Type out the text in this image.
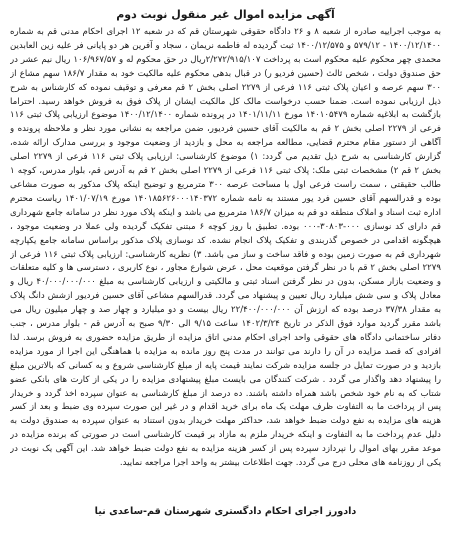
آگهی مزایده اموال غیر منقول نوبت دوم

به موجب اجراییه صادره از شعبه ۸ و ۲۶ دادگاه حقوقی شهرستان قم که در شعبه ۱۲ اجرای احکام مدنی قم به شماره ۱۴۰۰/۱۲/۱۴۰۰ - ۵۷۹/۱۲ و ۱۴۰۰/۱۲/۵۷۵ ثبت گردیده له فاطمه نریمان ، سجاد و آفرین هر دو پایانی فر علیه زین العابدین محمدی چهر محکوم علیه محکوم است به پرداخت ۲/۲۷۲/۹۱۵/۱۰۷ریال در حق محکوم له و ۱۰۶/۹۶۷/۵۷ ریال نیم عشر در حق صندوق دولت ، شخص ثالث (حسین فردیو ر) در قبال بدهی محکوم علیه مالکیت خود به مقدار ۱۸۶/۷ سهم مشاع از ۳۰۰ سهم عرصه و اعیان پلاک ثبتی ۱۱۶ فرعی از ۲۲۷۹ اصلی بخش ۲ قم معرفی و توقیف نموده که کارشناس به شرح ذیل ارزیابی نموده است. ضمنا حسب درخواست مالک کل مالکیت ایشان از پلاک فوق به فروش خواهد رسید. احتراما بازگشت به ابلاغیه شماره ۱۴۰۱۰۵۴۷۹ مورخ ۱۴۰۱/۱۱/۱۱ در پرونده شماره ۱۴۰۰/۱۲/۱۴۰۰ موضوع ارزیابی پلاک ثبتی ۱۱۶ فرعی از ۲۲۷۹ اصلی بخش ۲ قم به مالکیت آقای حسین فردیور، ضمن مراجعه به نشانی مورد نظر و ملاحظه پرونده و آگاهی از دستور مقام محترم قضایی، مطالعه مراجعه به محل و بازدید از وضعیت موجود و بررسی مدارک ارائه شده، گزارش کارشناسی به شرح ذیل تقدیم می گردد: ۱) موضوع کارشناسی: ارزیابی پلاک ثبتی ۱۱۶ فرعی از ۲۲۷۹ اصلی بخش ۲ قم ۲) مشخصات ثبتی ملک: پلاک ثبتی ۱۱۶ فرعی از ۲۲۷۹ اصلی بخش ۲ قم به آدرس قم، بلوار مدرس، کوچه ۱ طالب حقیقتی ، سمت راست فرعی اول با مساحت عرصه ۳۰۰ مترمربع و توضیح اینکه پلاک مذکور به صورت مشاعی بوده و قدرالسهم آقای حسین فرد یور مستند به نامه شماره ۱۴۰۱۸۵۶۲۶۰۰۰۱۴۰۳۷۲ مورخ ۱۴۰۱/۰۷/۱۹ ریاست محترم اداره ثبت اسناد و املاک منطقه دو قم به میزان ۱۸۶/۷ مترمربع می باشد و اینکه پلاک مورد نظر در سامانه جامع شهرداری قم دارای کد نوسازی ۰۰۰-۳۰۸۰۳-۰۰۰ بوده. تطبیق با روز کوچه ۶ مبتنی تفکیک گردیده ولی عملا در وضعیت موجود ، هیچگونه اقدامی در خصوص گذربندی و تفکیک پلاک انجام نشده. کد نوسازی پلاک مذکور براساس سامانه جامع یکپارچه شهرداری قم به صورت زمین بوده و فاقد ساخت و ساز می باشد. ۳) نظریه کارشناسی: ارزیابی پلاک ثبتی ۱۱۶ فرعی از ۲۲۷۹ اصلی بخش ۲ قم با در نظر گرفتن موقعیت محل ، عرض شوارع مجاور ، نوع کاربری ، دسترسی ها و کلیه متعلقات و وضعیت بازار مسکن، بدون در نظر گرفتن اسناد ثبتی و مالکیتی و ارزیابی کارشناسی به مبلغ ۴۰/۰۰۰/۰۰۰/۰۰۰ ریال و معادل پلاک و سی شش میلیارد ریال تعیین و پیشنهاد می گردد. قدرالسهم مشاعی آقای حسین فردیور ازشش دانگ پلاک به مقدار ۳۷/۳۸ درصد بوده که ارزش آن ۲۲/۴۰۰/۰۰۰/۰۰۰ ریال بیست و دو میلیارد و چهار صد و چهار میلیون ریال می باشد مقرر گردید موارد فوق الذکر در تاریخ ۱۴۰۲/۳/۲۴ ساعت ۹/۱۵ الی ۹/۳۰ صبح به آدرس قم - بلوار مدرس ، جنب دفاتر ساختمانی دادگاه های حقوقی واحد اجرای احکام مدنی اتاق مزایده از طریق مزایده حضوری به فروش برسد. لذا افرادی که قصد مزایده در آن را دارند می توانند در مدت پنج روز مانده به مزایده با هماهنگی این اجرا از مورد مزایده بازدید و در صورت تمایل در جلسه مزایده شرکت نمایند قیمت پایه از مبلغ کارشناسی شروع و به کسانی که بالاترین مبلغ را پیشنهاد دهد واگذار می گردد . شرکت کنندگان می بایست مبلغ پیشنهادی مزایده را در یکی از کارت های بانکی عضو شتاب که به نام خود شخص باشد همراه داشته باشند. ده درصد از مبلغ کارشناسی به عنوان سپرده اخذ گردد و خریدار پس از پرداخت ما به التفاوت ظرف مهلت یک ماه برای خرید اقدام و در غیر این صورت سپرده وی ضبط و بعد از کسر هزینه های مزایده به نفع دولت ضبط خواهد شد، حداکثر مهلت خریدار بدون استناد به عنوان سپرده به صندوق دولت به دلیل عدم پرداخت ما به التفاوت و اینکه خریدار ملزم به مازاد بر قیمت کارشناسی است در صورتی که برنده مزایده در موعد مقرر بهای اموال را نپردازد سپرده پس از کسر هزینه مزایده به نفع دولت ضبط خواهد شد. این آگهی یک نوبت در یکی از روزنامه های محلی درج می گردد. جهت اطلاعات بیشتر به واحد اجرا مراجعه نمایید.

دادورز اجرای احکام دادگستری شهرستان قم-ساعدی نیا
